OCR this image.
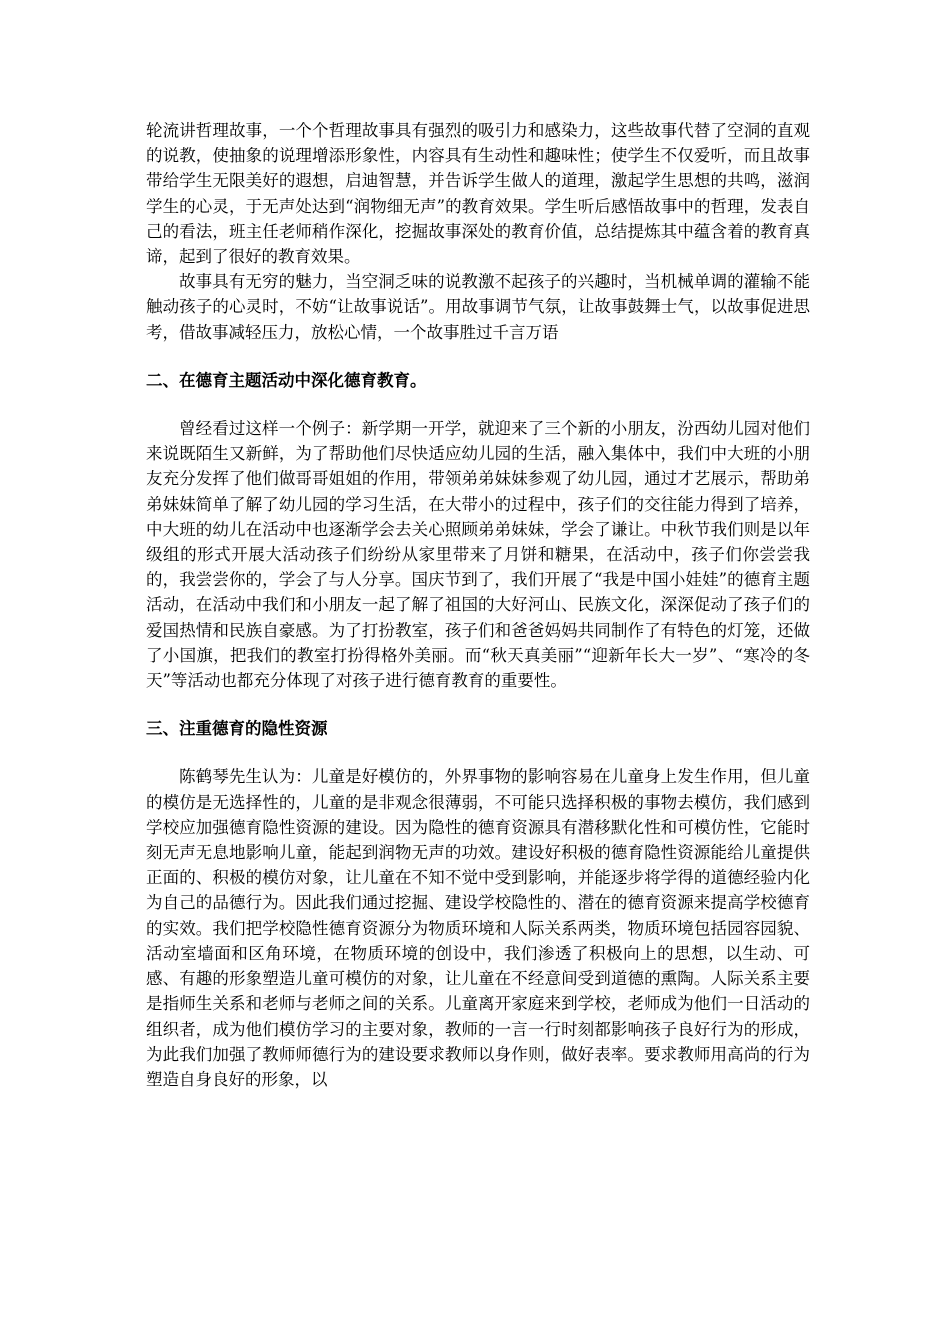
轮流讲哲理故事，一个个哲理故事具有强烈的吸引力和感染力，这些故事代替了空洞的直观的说教，使抽象的说理增添形象性，内容具有生动性和趣味性；使学生不仅爱听，而且故事带给学生无限美好的遐想，启迪智慧，并告诉学生做人的道理，激起学生思想的共鸣，滋润学生的心灵，于无声处达到“润物细无声”的教育效果。学生听后感悟故事中的哲理，发表自己的看法，班主任老师稍作深化，挖掘故事深处的教育价值，总结提炼其中蕴含着的教育真谛，起到了很好的教育效果。

故事具有无穷的魅力，当空洞乏味的说教激不起孩子的兴趣时，当机械单调的灌输不能触动孩子的心灵时，不妨“让故事说话”。用故事调节气氛，让故事鼓舞士气，以故事促进思考，借故事减轻压力，放松心情，一个故事胜过千言万语

二、在德育主题活动中深化德育教育。

曾经看过这样一个例子：新学期一开学，就迎来了三个新的小朋友，汾西幼儿园对他们来说既陌生又新鲜，为了帮助他们尽快适应幼儿园的生活，融入集体中，我们中大班的小朋友充分发挥了他们做哥哥姐姐的作用，带领弟弟妹妹参观了幼儿园，通过才艺展示，帮助弟弟妹妹简单了解了幼儿园的学习生活，在大带小的过程中，孩子们的交往能力得到了培养，中大班的幼儿在活动中也逐渐学会去关心照顾弟弟妹妹，学会了谦让。中秋节我们则是以年级组的形式开展大活动孩子们纷纷从家里带来了月饼和糖果，在活动中，孩子们你尝尝我的，我尝尝你的，学会了与人分享。国庆节到了，我们开展了“我是中国小娃娃”的德育主题活动，在活动中我们和小朋友一起了解了祖国的大好河山、民族文化，深深促动了孩子们的爱国热情和民族自豪感。为了打扮教室，孩子们和爸爸妈妈共同制作了有特色的灯笼，还做了小国旗，把我们的教室打扮得格外美丽。而“秋天真美丽”“迎新年长大一岁”、“寒冷的冬天”等活动也都充分体现了对孩子进行德育教育的重要性。

三、注重德育的隐性资源

陈鹤琴先生认为：儿童是好模仿的，外界事物的影响容易在儿童身上发生作用，但儿童的模仿是无选择性的，儿童的是非观念很薄弱，不可能只选择积极的事物去模仿，我们感到学校应加强德育隐性资源的建设。因为隐性的德育资源具有潜移默化性和可模仿性，它能时刻无声无息地影响儿童，能起到润物无声的功效。建设好积极的德育隐性资源能给儿童提供正面的、积极的模仿对象，让儿童在不知不觉中受到影响，并能逐步将学得的道德经验内化为自己的品德行为。因此我们通过挖掘、建设学校隐性的、潜在的德育资源来提高学校德育的实效。我们把学校隐性德育资源分为物质环境和人际关系两类，物质环境包括园容园貌、活动室墙面和区角环境，在物质环境的创设中，我们渗透了积极向上的思想，以生动、可感、有趣的形象塑造儿童可模仿的对象，让儿童在不经意间受到道德的熏陶。人际关系主要是指师生关系和老师与老师之间的关系。儿童离开家庭来到学校，老师成为他们一日活动的组织者，成为他们模仿学习的主要对象，教师的一言一行时刻都影响孩子良好行为的形成，为此我们加强了教师师德行为的建设要求教师以身作则，做好表率。要求教师用高尚的行为塑造自身良好的形象，以
